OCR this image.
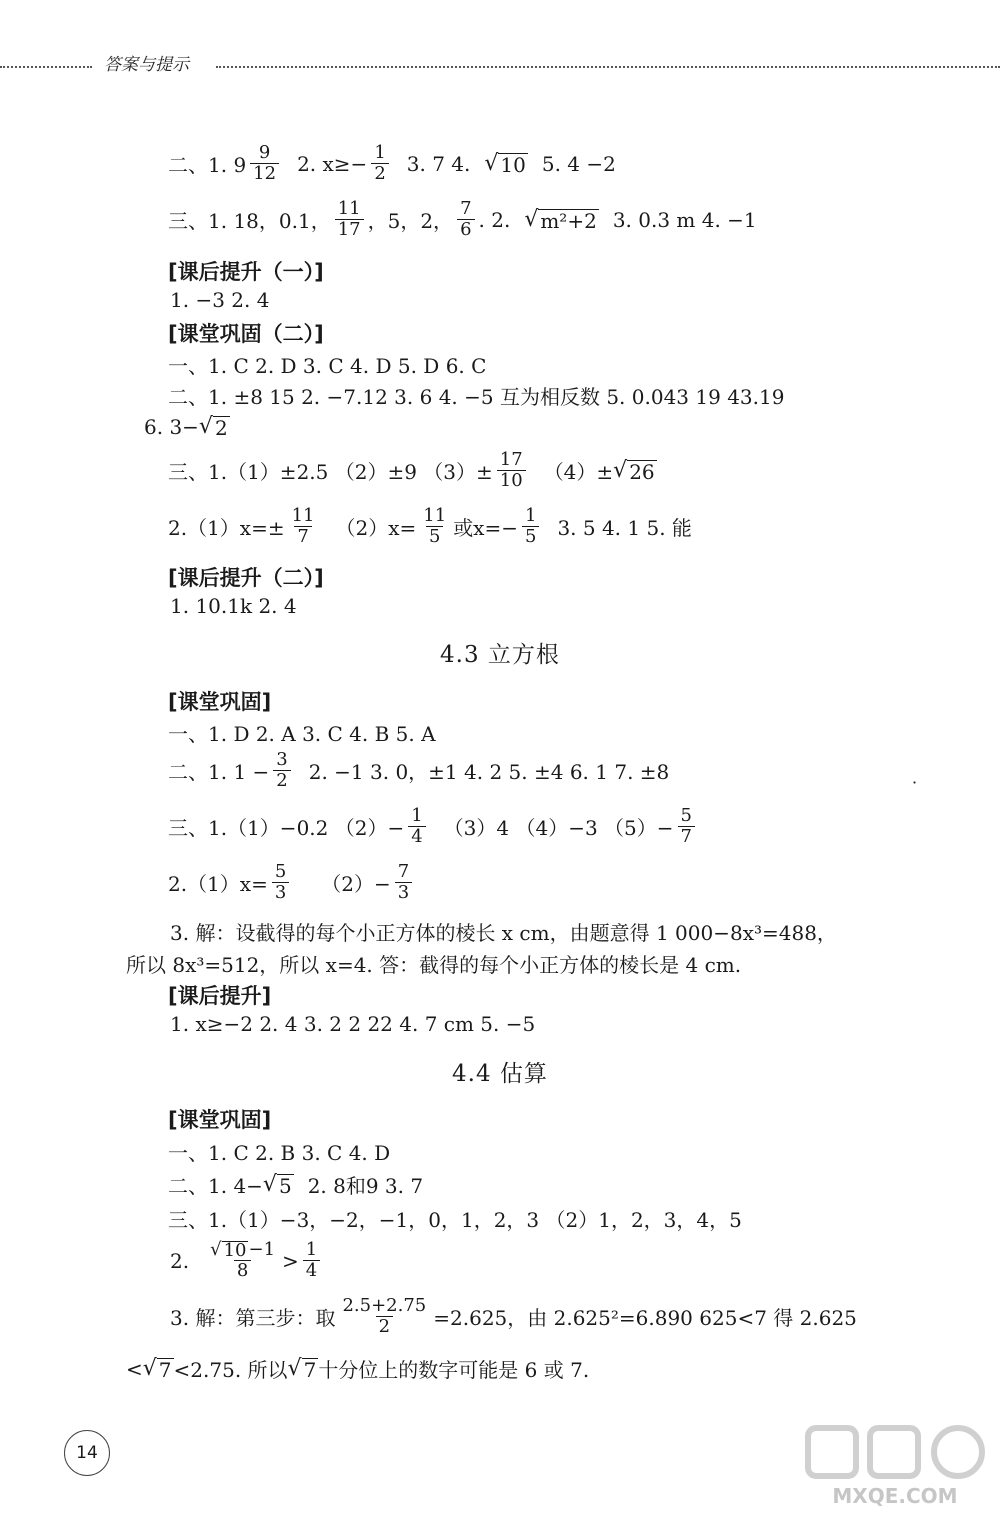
答案与提示
二、1. $9 \frac{9}{12} 2$. $x\ge- \frac{1}{2} 3$. 7 4. √ 10 5. 4 −2
三、1. 18，0.1， $\frac{11}{17}$ ，5，2， $\frac{7}{6}$ . 2. √ m²+2 3. 0.3 m 4. −1
[课后提升（一）]
1. −3 2. 4
[课堂巩固（二）]
一、1. C 2. D 3. C 4. D 5. D 6. C
二、1. ±8 15 2. −7.12 3. 6 4. −5 互为相反数 5. 0.043 19 43.19
6. 3− √ 2
三、1.（1）±2.5 （2）±9 $(3)\pm \frac{17}{10} (4)\pm$ √ 26
$2.(1)x=\pm \frac{11}{7} (2)x= \frac{11}{5}$ 或$x=- \frac{1}{5} 3$. 5 4. 1 5. 能
[课后提升（二）]
1. 10.1k 2. 4
4.3 立方根
[课堂巩固]
一、1. D 2. A 3. C 4. B 5. A
二、1. $1 - \frac{3}{2} 2$. −1 3. 0，±1 4. 2 5. ±4 6. 1 7. ±8	·
三、1.（1）−0.2 $(2)- \frac{1}{4} (3)4$ （4）−3 $(5)- \frac{5}{7}$
$2.(1)x= \frac{5}{3} (2)- \frac{7}{3}$
3. 解：设截得的每个小正方体的棱长 x cm，由题意得 1 000−8x³=488，
所以 8x³=512，所以 x=4. 答：截得的每个小正方体的棱长是 4 cm.
[课后提升]
1. x≥−2 2. 4 3. 2 2 22 4. 7 cm 5. −5
4.4 估算
[课堂巩固]
一、1. C 2. B 3. C 4. D
二、1. 4− √ 5 2. 8和9 3. 7
三、1.（1）−3，−2，−1，0，1，2，3 （2）1，2，3，4，5
2. $\frac{√ 10 -1}{8} > \frac{1}{4}$
3. 解：第三步：取 $\frac{2.5+2.75}{2} =2.625$，由 2.625²=6.890 625<7 得 2.625
< √ 7 <2.75. 所以 √ 7 十分位上的数字可能是 6 或 7.
14
MXQE.COM
